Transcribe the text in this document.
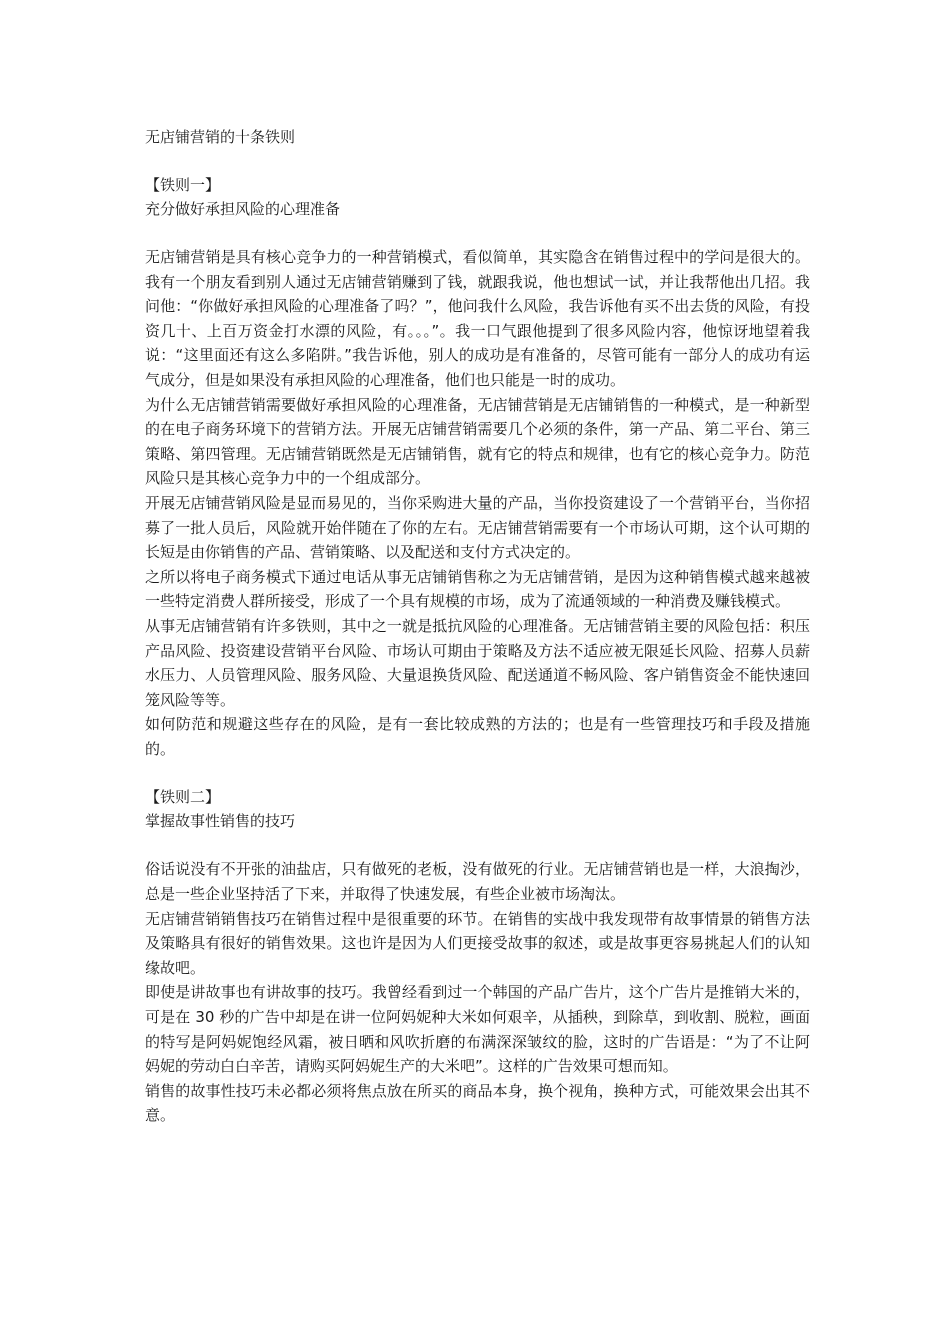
无店铺营销的十条铁则
【铁则一】
充分做好承担风险的心理准备

无店铺营销是具有核心竞争力的一种营销模式，看似简单，其实隐含在销售过程中的学问是很大的。我有一个朋友看到别人通过无店铺营销赚到了钱，就跟我说，他也想试一试，并让我帮他出几招。我问他：“你做好承担风险的心理准备了吗？”，他问我什么风险，我告诉他有买不出去货的风险，有投资几十、上百万资金打水漂的风险，有。。。”。我一口气跟他提到了很多风险内容，他惊讶地望着我说：“这里面还有这么多陷阱。”我告诉他，别人的成功是有准备的，尽管可能有一部分人的成功有运气成分，但是如果没有承担风险的心理准备，他们也只能是一时的成功。

为什么无店铺营销需要做好承担风险的心理准备，无店铺营销是无店铺销售的一种模式，是一种新型的在电子商务环境下的营销方法。开展无店铺营销需要几个必须的条件，第一产品、第二平台、第三策略、第四管理。无店铺营销既然是无店铺销售，就有它的特点和规律，也有它的核心竞争力。防范风险只是其核心竞争力中的一个组成部分。

开展无店铺营销风险是显而易见的，当你采购进大量的产品，当你投资建设了一个营销平台，当你招募了一批人员后，风险就开始伴随在了你的左右。无店铺营销需要有一个市场认可期，这个认可期的长短是由你销售的产品、营销策略、以及配送和支付方式决定的。

之所以将电子商务模式下通过电话从事无店铺销售称之为无店铺营销，是因为这种销售模式越来越被一些特定消费人群所接受，形成了一个具有规模的市场，成为了流通领域的一种消费及赚钱模式。

从事无店铺营销有许多铁则，其中之一就是抵抗风险的心理准备。无店铺营销主要的风险包括：积压产品风险、投资建设营销平台风险、市场认可期由于策略及方法不适应被无限延长风险、招募人员薪水压力、人员管理风险、服务风险、大量退换货风险、配送通道不畅风险、客户销售资金不能快速回笼风险等等。

如何防范和规避这些存在的风险，是有一套比较成熟的方法的；也是有一些管理技巧和手段及措施的。

【铁则二】
掌握故事性销售的技巧

俗话说没有不开张的油盐店，只有做死的老板，没有做死的行业。无店铺营销也是一样，大浪掏沙，总是一些企业坚持活了下来，并取得了快速发展，有些企业被市场淘汰。

无店铺营销销售技巧在销售过程中是很重要的环节。在销售的实战中我发现带有故事情景的销售方法及策略具有很好的销售效果。这也许是因为人们更接受故事的叙述，或是故事更容易挑起人们的认知缘故吧。

即使是讲故事也有讲故事的技巧。我曾经看到过一个韩国的产品广告片，这个广告片是推销大米的，可是在 30 秒的广告中却是在讲一位阿妈妮种大米如何艰辛，从插秧，到除草，到收割、脱粒，画面的特写是阿妈妮饱经风霜，被日晒和风吹折磨的布满深深皱纹的脸，这时的广告语是：“为了不让阿妈妮的劳动白白辛苦，请购买阿妈妮生产的大米吧”。这样的广告效果可想而知。

销售的故事性技巧未必都必须将焦点放在所买的商品本身，换个视角，换种方式，可能效果会出其不意。
